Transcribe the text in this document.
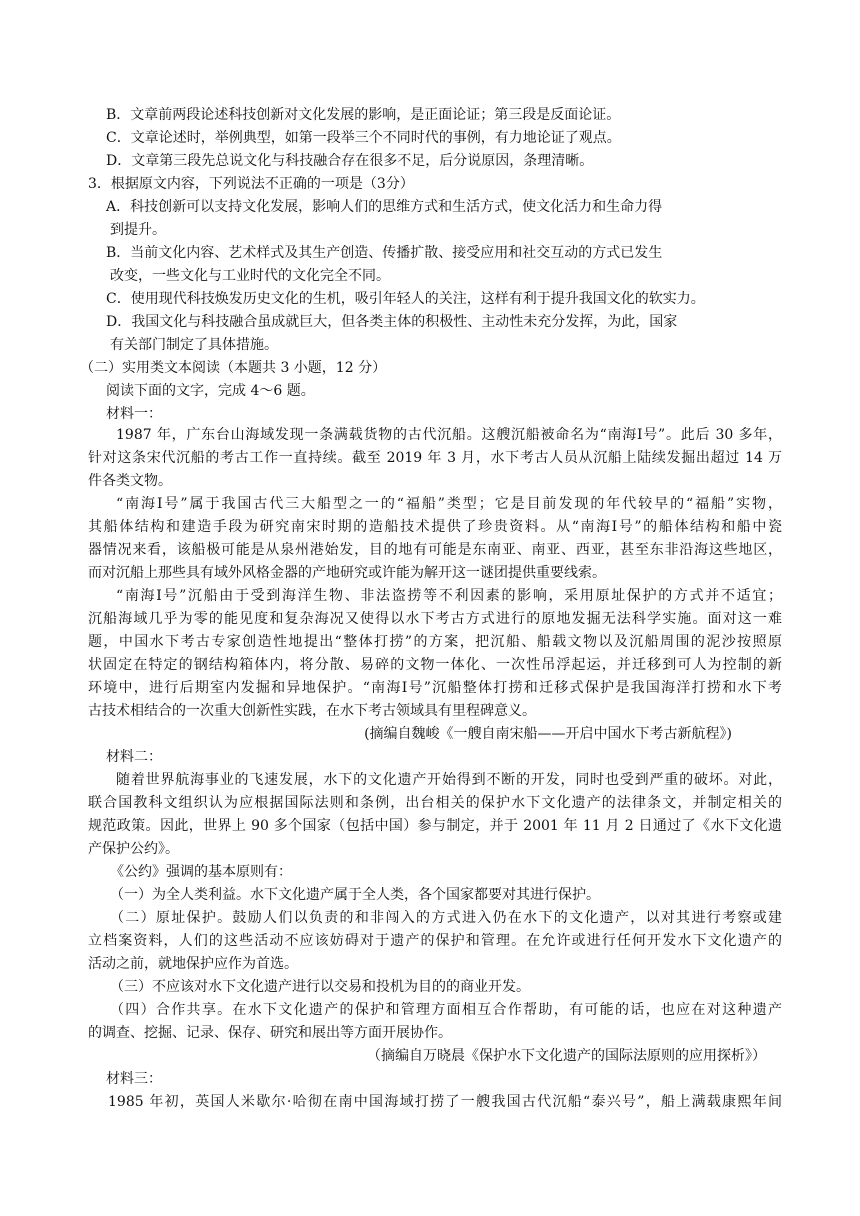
B．文章前两段论述科技创新对文化发展的影响，是正面论证；第三段是反面论证。
C．文章论述时，举例典型，如第一段举三个不同时代的事例，有力地论证了观点。
D．文章第三段先总说文化与科技融合存在很多不足，后分说原因，条理清晰。
3．根据原文内容，下列说法不正确的一项是（3分）
A．科技创新可以支持文化发展，影响人们的思维方式和生活方式，使文化活力和生命力得
到提升。
B．当前文化内容、艺术样式及其生产创造、传播扩散、接受应用和社交互动的方式已发生
改变，一些文化与工业时代的文化完全不同。
C．使用现代科技焕发历史文化的生机，吸引年轻人的关注，这样有利于提升我国文化的软实力。
D．我国文化与科技融合虽成就巨大，但各类主体的积极性、主动性未充分发挥，为此，国家
有关部门制定了具体措施。
（二）实用类文本阅读（本题共 3 小题，12 分）
阅读下面的文字，完成 4～6 题。
材料一：
1987 年，广东台山海域发现一条满载货物的古代沉船。这艘沉船被命名为“南海Ⅰ号”。此后 30 多年，
针对这条宋代沉船的考古工作一直持续。截至 2019 年 3 月，水下考古人员从沉船上陆续发掘出超过 14 万
件各类文物。
“南海Ⅰ号”属于我国古代三大船型之一的“福船”类型；它是目前发现的年代较早的“福船”实物，
其船体结构和建造手段为研究南宋时期的造船技术提供了珍贵资料。从“南海Ⅰ号”的船体结构和船中瓷
器情况来看，该船极可能是从泉州港始发，目的地有可能是东南亚、南亚、西亚，甚至东非沿海这些地区，
而对沉船上那些具有域外风格金器的产地研究或许能为解开这一谜团提供重要线索。
“南海Ⅰ号”沉船由于受到海洋生物、非法盗捞等不利因素的影响，采用原址保护的方式并不适宜；
沉船海域几乎为零的能见度和复杂海况又使得以水下考古方式进行的原地发掘无法科学实施。面对这一难
题，中国水下考古专家创造性地提出“整体打捞”的方案，把沉船、船载文物以及沉船周围的泥沙按照原
状固定在特定的钢结构箱体内，将分散、易碎的文物一体化、一次性吊浮起运，并迁移到可人为控制的新
环境中，进行后期室内发掘和异地保护。“南海Ⅰ号”沉船整体打捞和迁移式保护是我国海洋打捞和水下考
古技术相结合的一次重大创新性实践，在水下考古领域具有里程碑意义。
(摘编自魏峻《一艘自南宋船——开启中国水下考古新航程》)
材料二：
随着世界航海事业的飞速发展，水下的文化遗产开始得到不断的开发，同时也受到严重的破坏。对此，
联合国教科文组织认为应根据国际法则和条例，出台相关的保护水下文化遗产的法律条文，并制定相关的
规范政策。因此，世界上 90 多个国家（包括中国）参与制定，并于 2001 年 11 月 2 日通过了《水下文化遗
产保护公约》。
《公约》强调的基本原则有：
（一）为全人类利益。水下文化遗产属于全人类，各个国家都要对其进行保护。
（二）原址保护。鼓励人们以负责的和非闯入的方式进入仍在水下的文化遗产，以对其进行考察或建
立档案资料，人们的这些活动不应该妨碍对于遗产的保护和管理。在允许或进行任何开发水下文化遗产的
活动之前，就地保护应作为首选。
（三）不应该对水下文化遗产进行以交易和投机为目的的商业开发。
（四）合作共享。在水下文化遗产的保护和管理方面相互合作帮助，有可能的话，也应在对这种遗产
的调查、挖掘、记录、保存、研究和展出等方面开展协作。
（摘编自万晓晨《保护水下文化遗产的国际法原则的应用探析》）
材料三：
1985 年初，英国人米歇尔·哈彻在南中国海域打捞了一艘我国古代沉船“泰兴号”，船上满载康熙年间
